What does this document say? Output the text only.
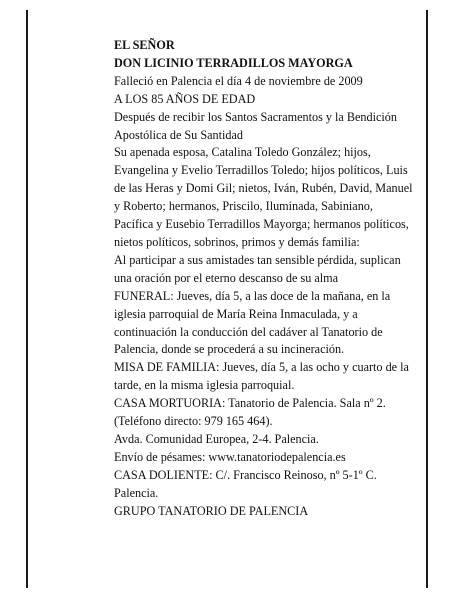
EL SEÑOR

DON LICINIO TERRADILLOS MAYORGA

Falleció en Palencia el día 4 de noviembre de 2009

A LOS 85 AÑOS DE EDAD

Después de recibir los Santos Sacramentos y la Bendición Apostólica de Su Santidad

Su apenada esposa, Catalina Toledo González; hijos, Evangelina y Evelio Terradillos Toledo; hijos políticos, Luis de las Heras y Domi Gil; nietos, Iván, Rubén, David, Manuel y Roberto; hermanos, Priscilo, Iluminada, Sabiniano, Pacífica y Eusebio Terradillos Mayorga; hermanos políticos, nietos políticos, sobrinos, primos y demás familia:

Al participar a sus amistades tan sensible pérdida, suplican una oración por el eterno descanso de su alma

FUNERAL: Jueves, día 5, a las doce de la mañana, en la iglesia parroquial de María Reina Inmaculada, y a continuación la conducción del cadáver al Tanatorio de Palencia, donde se procederá a su incineración.

MISA DE FAMILIA: Jueves, día 5, a las ocho y cuarto de la tarde, en la misma iglesia parroquial.

CASA MORTUORIA: Tanatorio de Palencia. Sala nº 2. (Teléfono directo: 979 165 464).

Avda. Comunidad Europea, 2-4. Palencia.

Envío de pésames: www.tanatoriodepalencia.es

CASA DOLIENTE: C/. Francisco Reinoso, nº 5-1º C. Palencia.

GRUPO TANATORIO DE PALENCIA
